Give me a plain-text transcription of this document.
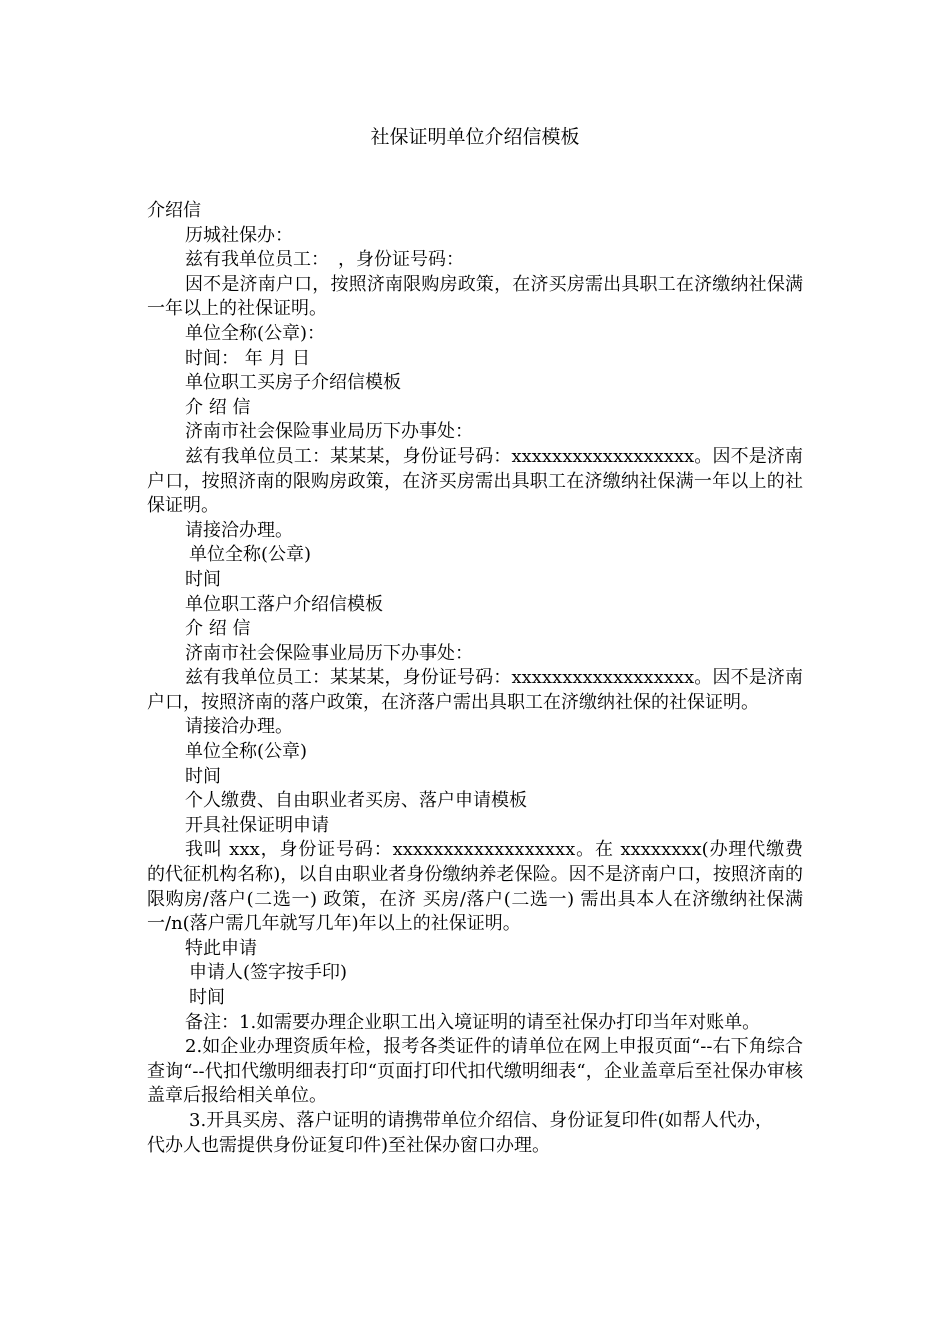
社保证明单位介绍信模板

介绍信

历城社保办：

兹有我单位员工：　，身份证号码：

因不是济南户口，按照济南限购房政策，在济买房需出具职工在济缴纳社保满一年以上的社保证明。

单位全称(公章)：

时间： 年 月 日

单位职工买房子介绍信模板

介 绍 信

济南市社会保险事业局历下办事处：

兹有我单位员工：某某某，身份证号码：xxxxxxxxxxxxxxxxxx。因不是济南户口，按照济南的限购房政策，在济买房需出具职工在济缴纳社保满一年以上的社保证明。

请接洽办理。

单位全称(公章)

时间

单位职工落户介绍信模板

介 绍 信

济南市社会保险事业局历下办事处：

兹有我单位员工：某某某，身份证号码：xxxxxxxxxxxxxxxxxx。因不是济南户口，按照济南的落户政策，在济落户需出具职工在济缴纳社保的社保证明。

请接洽办理。

单位全称(公章)

时间

个人缴费、自由职业者买房、落户申请模板

开具社保证明申请

我叫 xxx，身份证号码：xxxxxxxxxxxxxxxxxx。在 xxxxxxxx(办理代缴费的代征机构名称)，以自由职业者身份缴纳养老保险。因不是济南户口，按照济南的 限购房/落户(二选一) 政策，在济 买房/落户(二选一) 需出具本人在济缴纳社保满一/n(落户需几年就写几年)年以上的社保证明。

特此申请

申请人(签字按手印)

时间

备注：1.如需要办理企业职工出入境证明的请至社保办打印当年对账单。

2.如企业办理资质年检，报考各类证件的请单位在网上申报页面“--右下角综合查询“--代扣代缴明细表打印“页面打印代扣代缴明细表“，企业盖章后至社保办审核盖章后报给相关单位。

3.开具买房、落户证明的请携带单位介绍信、身份证复印件(如帮人代办，代办人也需提供身份证复印件)至社保办窗口办理。
